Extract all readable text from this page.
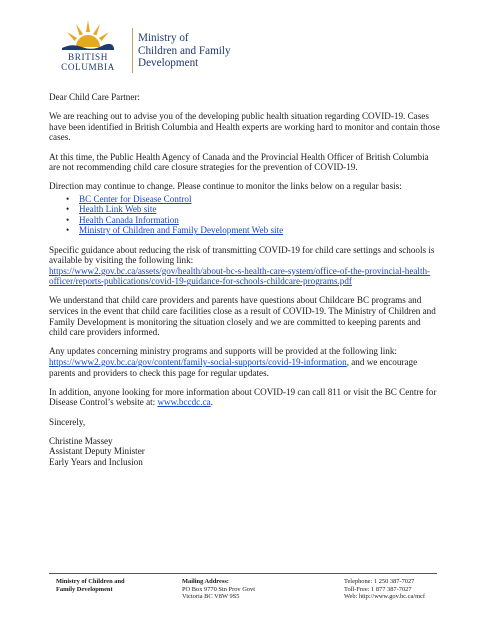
BRITISH
COLUMBIA
Ministry of
Children and Family
Development

Dear Child Care Partner:

We are reaching out to advise you of the developing public health situation regarding COVID-19. Cases have been identified in British Columbia and Health experts are working hard to monitor and contain those cases.

At this time, the Public Health Agency of Canada and the Provincial Health Officer of British Columbia are not recommending child care closure strategies for the prevention of COVID-19.

Direction may continue to change. Please continue to monitor the links below on a regular basis:

• BC Center for Disease Control
• Health Link Web site
• Health Canada Information
• Ministry of Children and Family Development Web site

Specific guidance about reducing the risk of transmitting COVID-19 for child care settings and schools is available by visiting the following link:
https://www2.gov.bc.ca/assets/gov/health/about-bc-s-health-care-system/office-of-the-provincial-health-officer/reports-publications/covid-19-guidance-for-schools-childcare-programs.pdf

We understand that child care providers and parents have questions about Childcare BC programs and services in the event that child care facilities close as a result of COVID-19. The Ministry of Children and Family Development is monitoring the situation closely and we are committed to keeping parents and child care providers informed.

Any updates concerning ministry programs and supports will be provided at the following link: https://www2.gov.bc.ca/gov/content/family-social-supports/covid-19-information, and we encourage parents and providers to check this page for regular updates.

In addition, anyone looking for more information about COVID-19 can call 811 or visit the BC Centre for Disease Control’s website at: www.bccdc.ca.

Sincerely,

Christine Massey
Assistant Deputy Minister
Early Years and Inclusion

Ministry of Children and
Family Development
Mailing Address:
PO Box 9770 Stn Prov Govt
Victoria BC V8W 9S5
Telephone: 1 250 387-7027
Toll-Free: 1 877 387-7027
Web: http://www.gov.bc.ca/mcf
